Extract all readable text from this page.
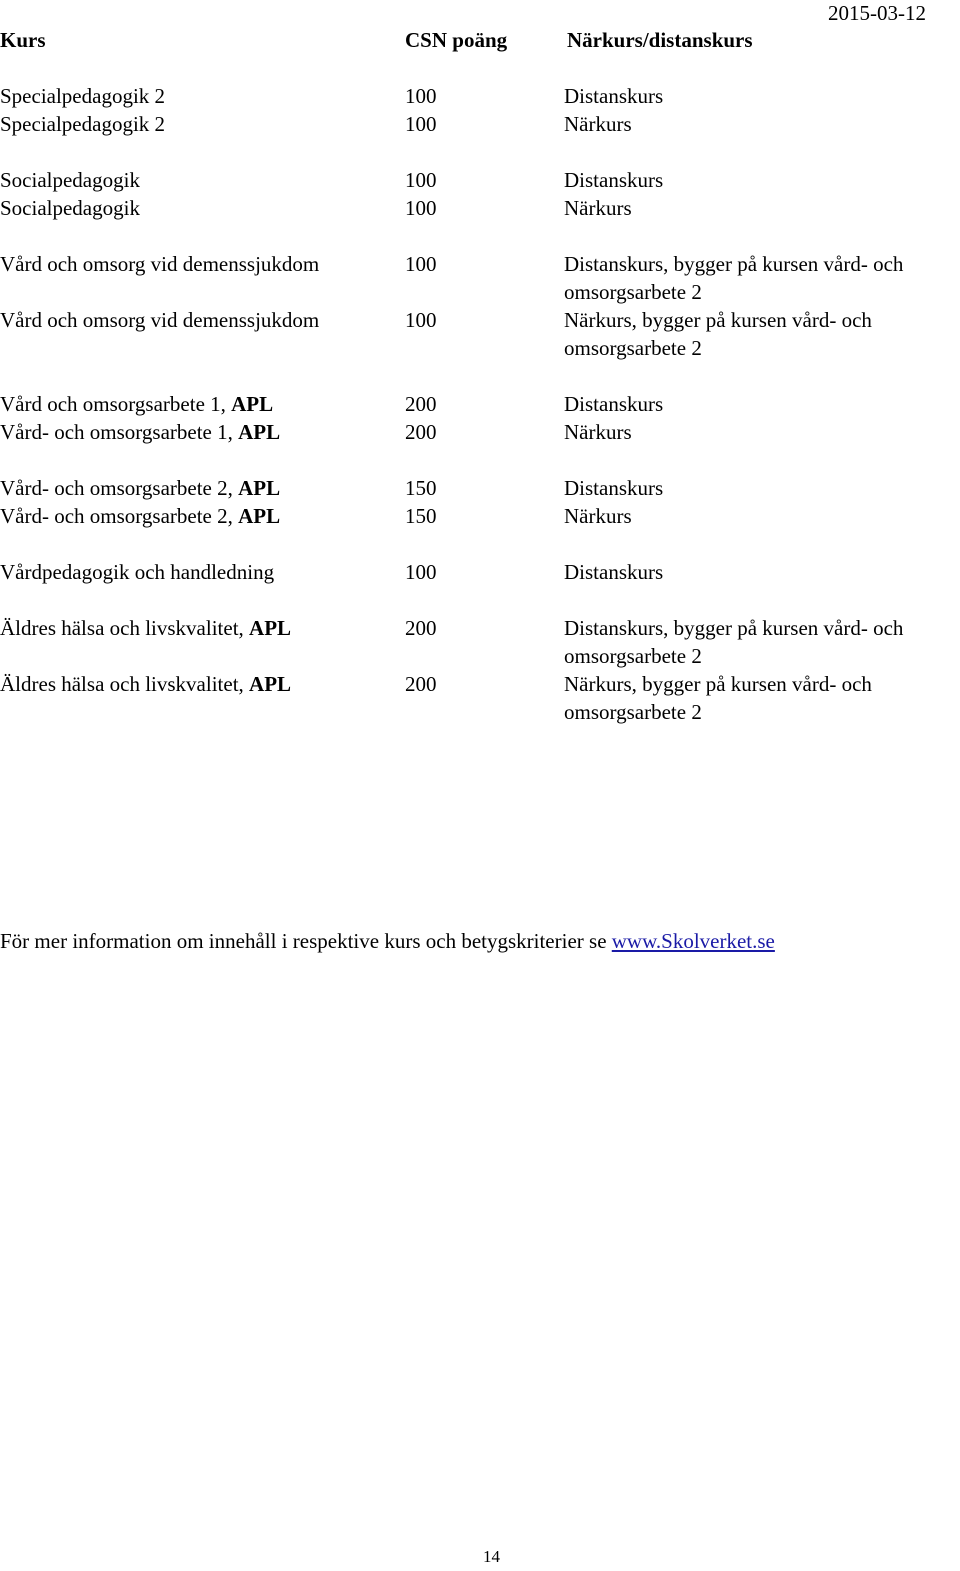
2015-03-12
Kurs	CSN poäng	Närkurs/distanskurs
Specialpedagogik 2	100	Distanskurs
Specialpedagogik 2	100	Närkurs
Socialpedagogik	100	Distanskurs
Socialpedagogik	100	Närkurs
Vård och omsorg vid demenssjukdom	100	Distanskurs, bygger på kursen vård- och omsorgsarbete 2
Vård och omsorg vid demenssjukdom	100	Närkurs, bygger på kursen vård- och omsorgsarbete 2
Vård och omsorgsarbete 1, APL	200	Distanskurs
Vård- och omsorgsarbete 1, APL	200	Närkurs
Vård- och omsorgsarbete 2, APL	150	Distanskurs
Vård- och omsorgsarbete 2, APL	150	Närkurs
Vårdpedagogik och handledning	100	Distanskurs
Äldres hälsa och livskvalitet, APL	200	Distanskurs, bygger på kursen vård- och omsorgsarbete 2
Äldres hälsa och livskvalitet, APL	200	Närkurs, bygger på kursen vård- och omsorgsarbete 2
För mer information om innehåll i respektive kurs och betygskriterier se www.Skolverket.se
14
